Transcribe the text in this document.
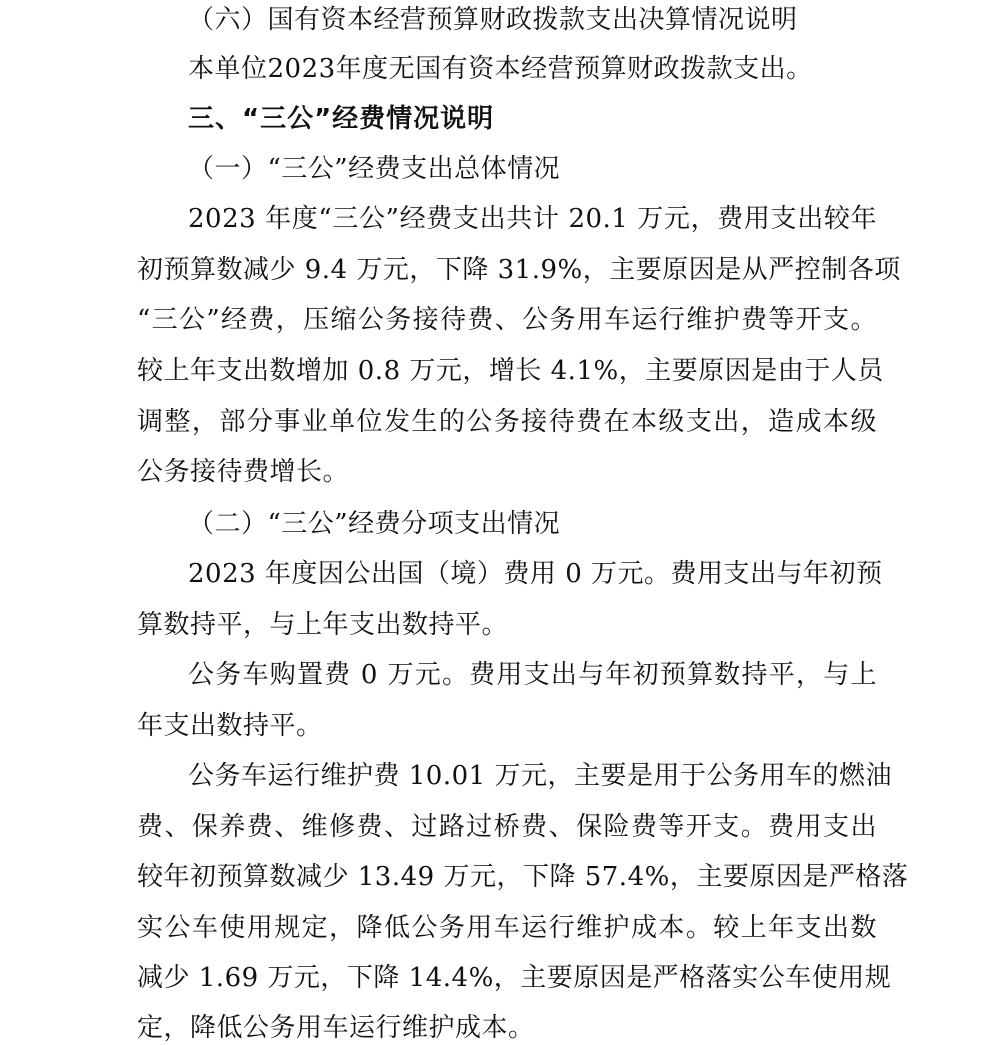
（六）国有资本经营预算财政拨款支出决算情况说明
本单位2023年度无国有资本经营预算财政拨款支出。
三、“三公”经费情况说明
（一）“三公”经费支出总体情况
2023 年度“三公”经费支出共计 20.1 万元，费用支出较年
初预算数减少 9.4 万元，下降 31.9%，主要原因是从严控制各项
“三公”经费，压缩公务接待费、公务用车运行维护费等开支。
较上年支出数增加 0.8 万元，增长 4.1%，主要原因是由于人员
调整，部分事业单位发生的公务接待费在本级支出，造成本级
公务接待费增长。
（二）“三公”经费分项支出情况
2023 年度因公出国（境）费用 0 万元。费用支出与年初预
算数持平，与上年支出数持平。
公务车购置费 0 万元。费用支出与年初预算数持平，与上
年支出数持平。
公务车运行维护费 10.01 万元，主要是用于公务用车的燃油
费、保养费、维修费、过路过桥费、保险费等开支。费用支出
较年初预算数减少 13.49 万元，下降 57.4%，主要原因是严格落
实公车使用规定，降低公务用车运行维护成本。较上年支出数
减少 1.69 万元，下降 14.4%，主要原因是严格落实公车使用规
定，降低公务用车运行维护成本。
